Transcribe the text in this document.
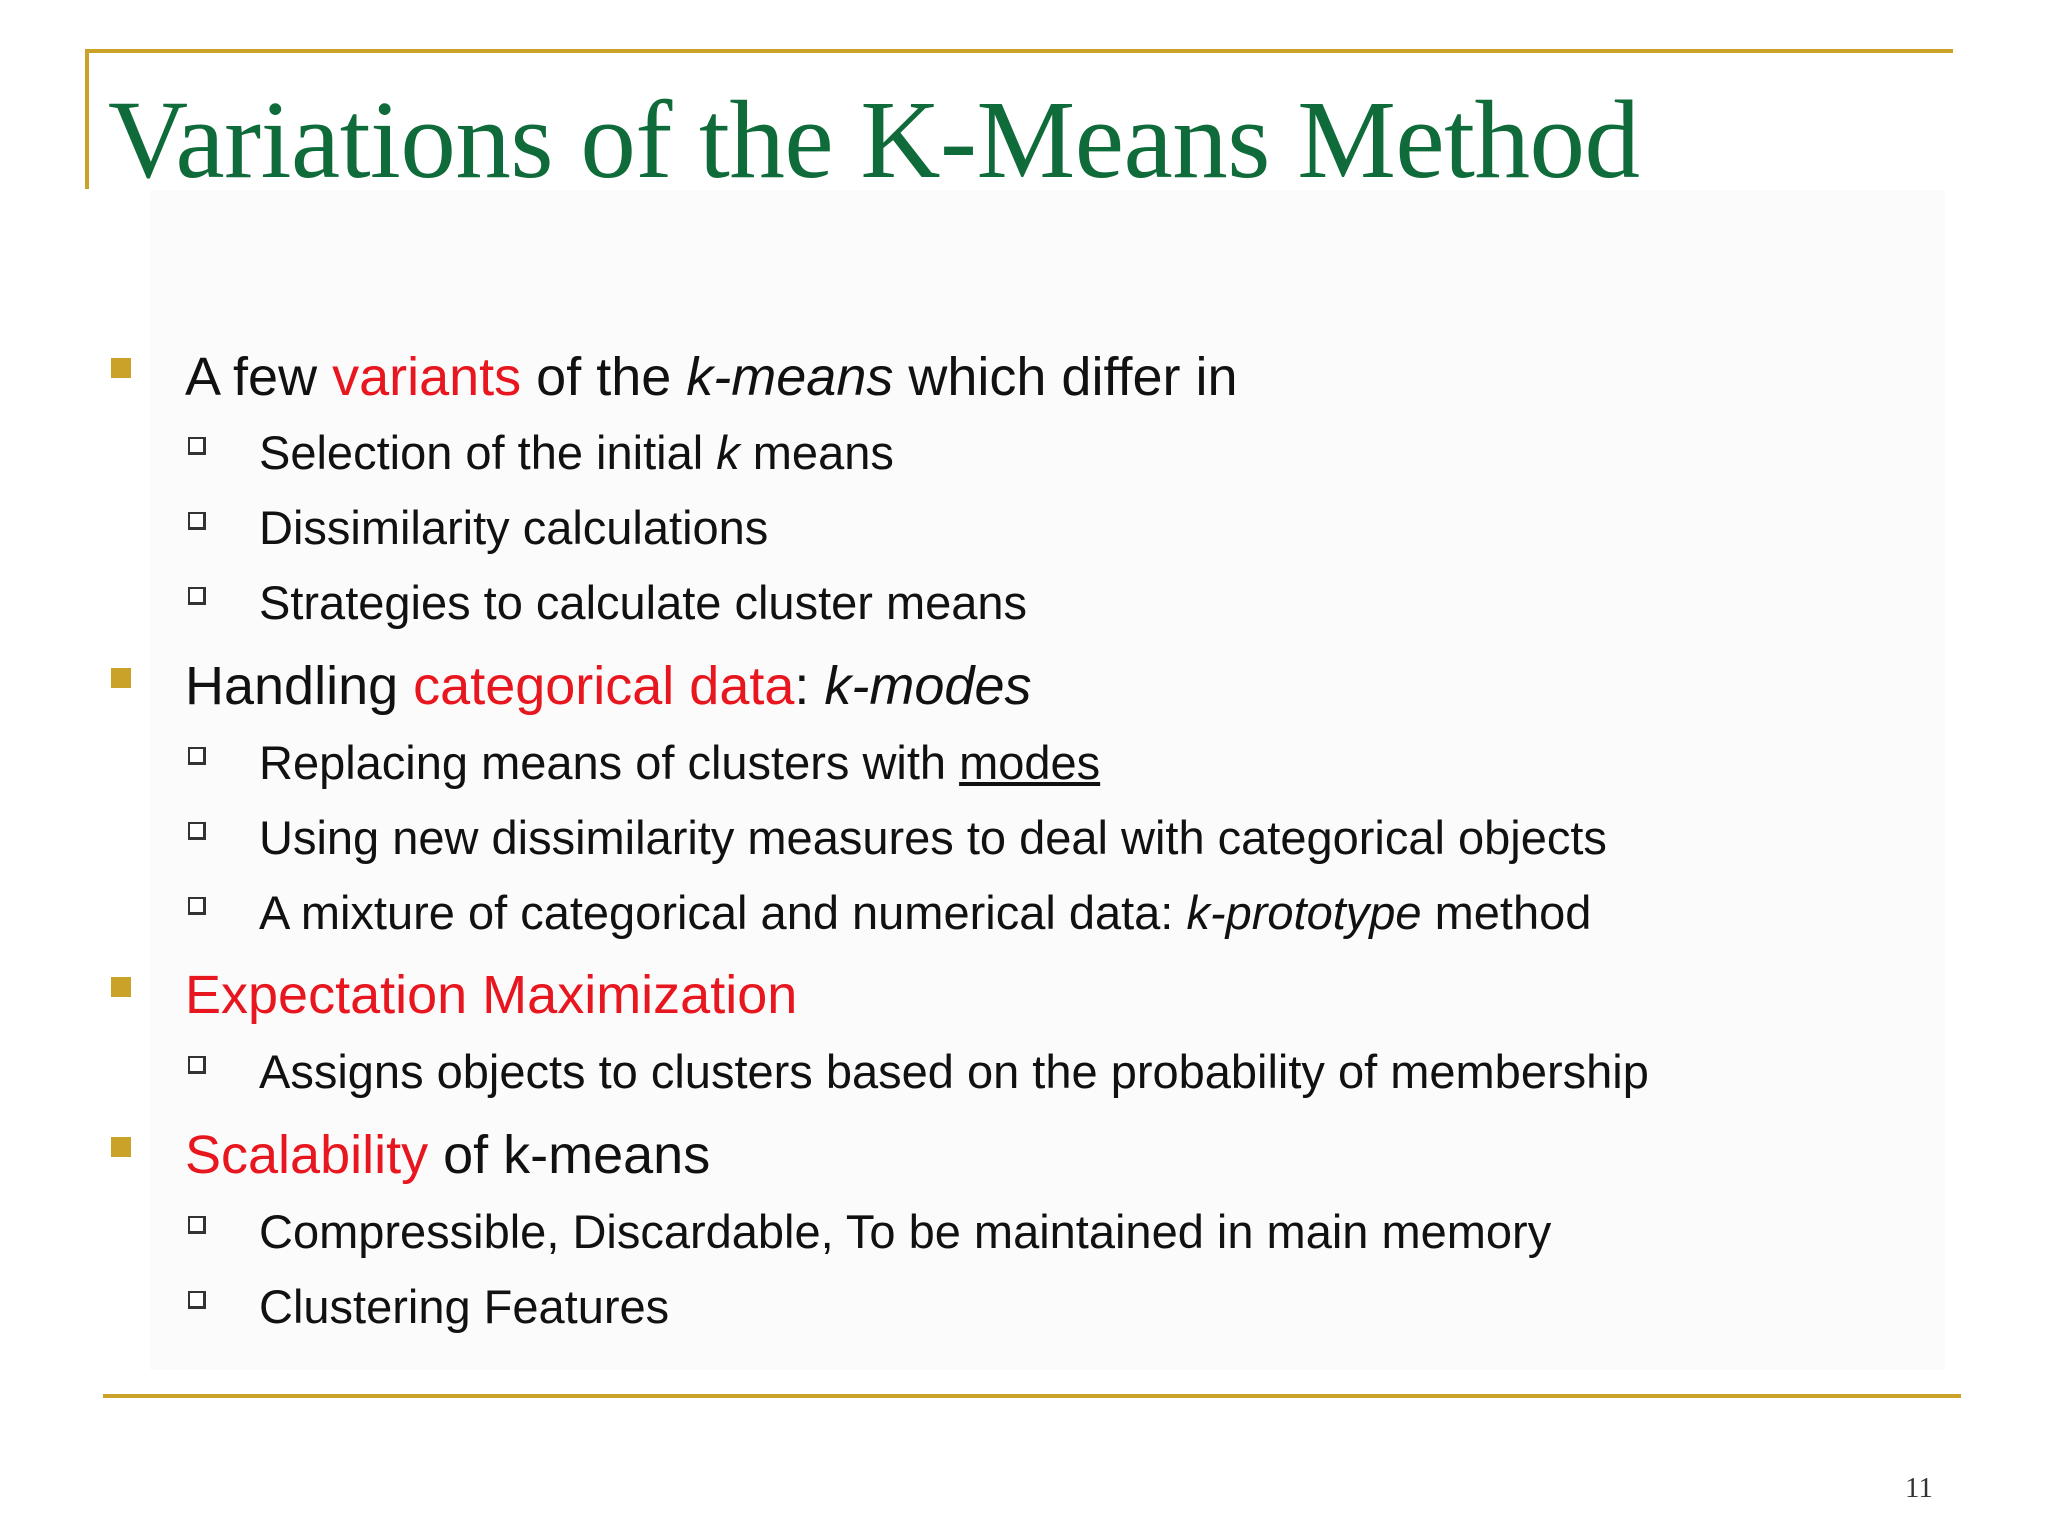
Variations of the K-Means Method
A few variants of the k-means which differ in
Selection of the initial k means
Dissimilarity calculations
Strategies to calculate cluster means
Handling categorical data: k-modes
Replacing means of clusters with modes
Using new dissimilarity measures to deal with categorical objects
A mixture of categorical and numerical data: k-prototype method
Expectation Maximization
Assigns objects to clusters based on the probability of membership
Scalability of k-means
Compressible, Discardable, To be maintained in main memory
Clustering Features
11
